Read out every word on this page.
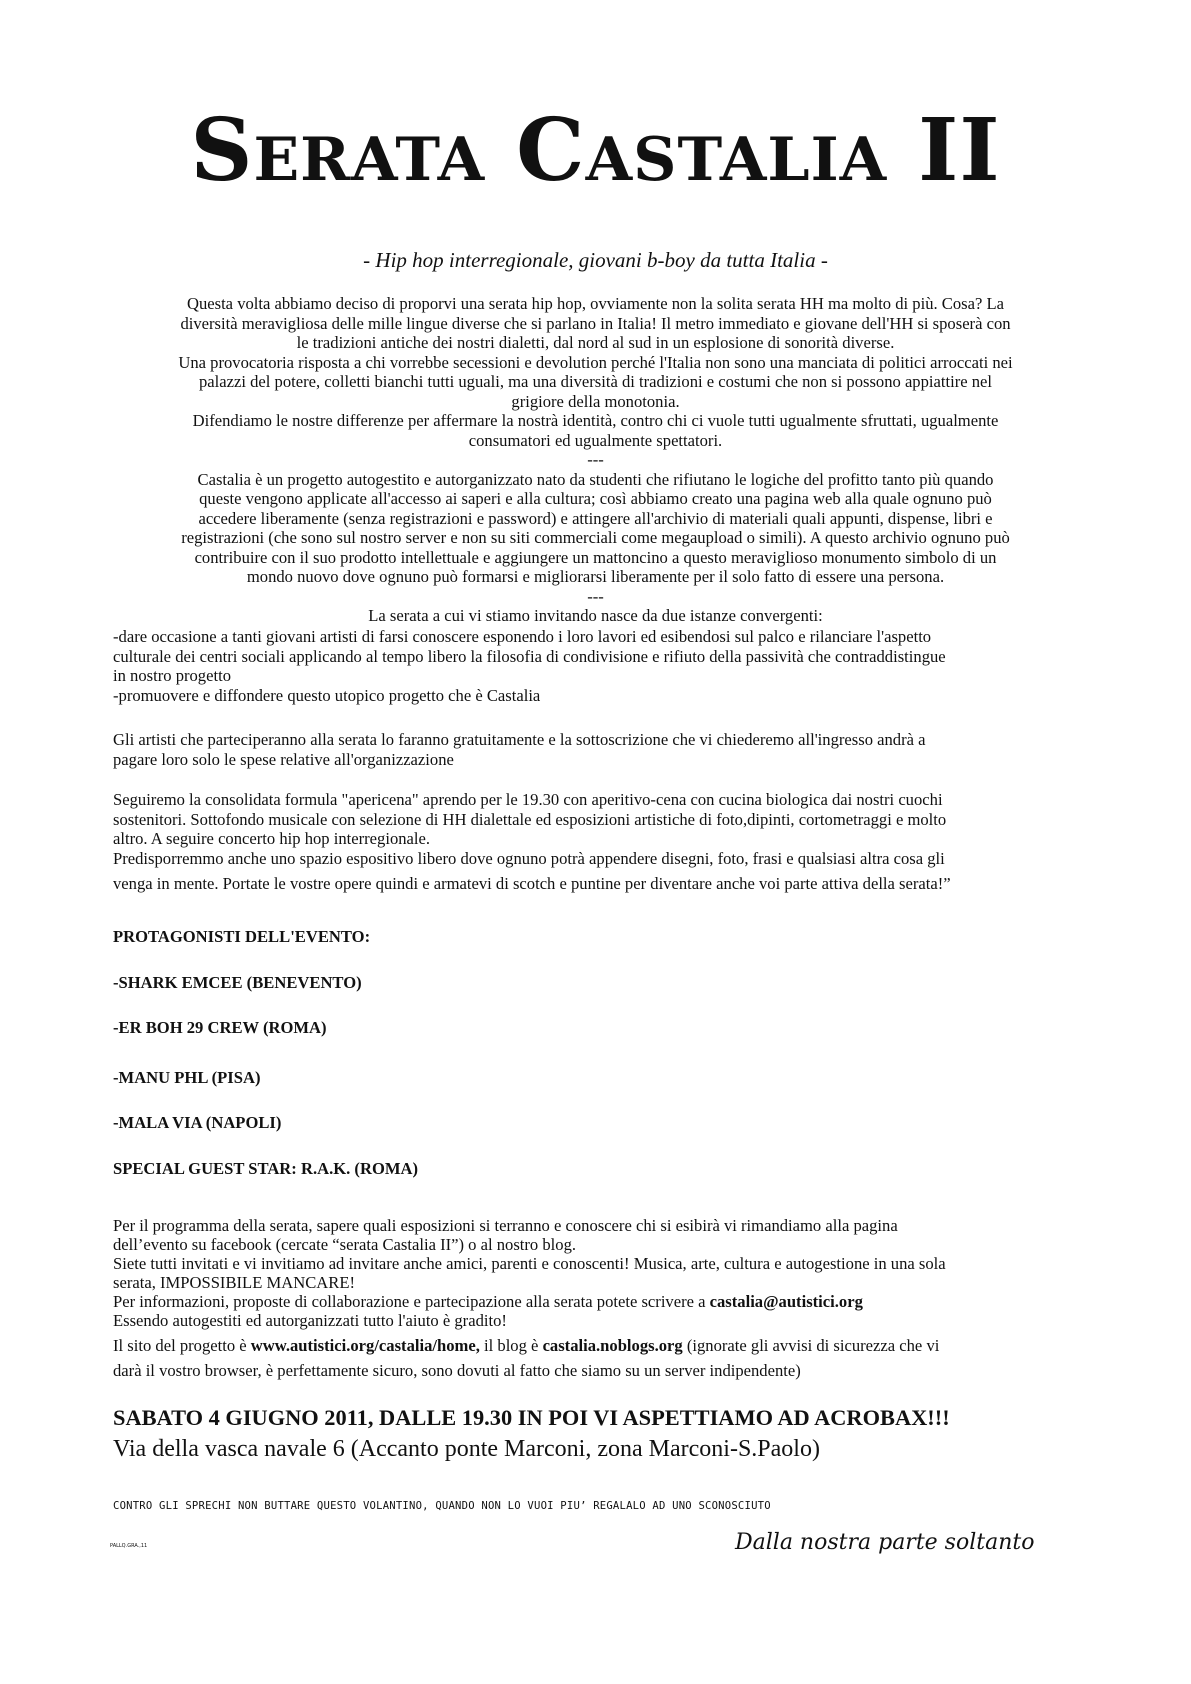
Serata Castalia II
- Hip hop interregionale, giovani b-boy da tutta Italia -
Questa volta abbiamo deciso di proporvi una serata hip hop, ovviamente non la solita serata HH ma molto di più. Cosa? La
diversità meravigliosa delle mille lingue diverse che si parlano in Italia! Il metro immediato e giovane dell'HH si sposerà con
le tradizioni antiche dei nostri dialetti, dal nord al sud in un esplosione di sonorità diverse.
Una provocatoria risposta a chi vorrebbe secessioni e devolution perché l'Italia non sono una manciata di politici arroccati nei
palazzi del potere, colletti bianchi tutti uguali, ma una diversità di tradizioni e costumi che non si possono appiattire nel
grigiore della monotonia.
Difendiamo le nostre differenze per affermare la nostrà identità, contro chi ci vuole tutti ugualmente sfruttati, ugualmente
consumatori ed ugualmente spettatori.
---
Castalia è un progetto autogestito e autorganizzato nato da studenti che rifiutano le logiche del profitto tanto più quando
queste vengono applicate all'accesso ai saperi e alla cultura; così abbiamo creato una pagina web alla quale ognuno può
accedere liberamente (senza registrazioni e password) e attingere all'archivio di materiali quali appunti, dispense, libri e
registrazioni (che sono sul nostro server e non su siti commerciali come megaupload o simili). A questo archivio ognuno può
contribuire con il suo prodotto intellettuale e aggiungere un mattoncino a questo meraviglioso monumento simbolo di un
mondo nuovo dove ognuno può formarsi e migliorarsi liberamente per il solo fatto di essere una persona.
---
La serata a cui vi stiamo invitando nasce da due istanze convergenti:
-dare occasione a tanti giovani artisti di farsi conoscere esponendo i loro lavori ed esibendosi sul palco e rilanciare l'aspetto
culturale dei centri sociali applicando al tempo libero la filosofia di condivisione e rifiuto della passività che contraddistingue
in nostro progetto
-promuovere e diffondere questo utopico progetto che è Castalia
Gli artisti che parteciperanno alla serata lo faranno gratuitamente e la sottoscrizione che vi chiederemo all'ingresso andrà a
pagare loro solo le spese relative all'organizzazione
Seguiremo la consolidata formula "apericena" aprendo per le 19.30 con aperitivo-cena con cucina biologica dai nostri cuochi
sostenitori. Sottofondo musicale con selezione di HH dialettale ed esposizioni artistiche di foto,dipinti, cortometraggi e molto
altro. A seguire concerto hip hop interregionale.
Predisporremmo anche uno spazio espositivo libero dove ognuno potrà appendere disegni, foto, frasi e qualsiasi altra cosa gli
venga in mente. Portate le vostre opere quindi e armatevi di scotch e puntine per diventare anche voi parte attiva della serata!”
PROTAGONISTI DELL'EVENTO:
-SHARK EMCEE (BENEVENTO)
-ER BOH 29 CREW (ROMA)
-MANU PHL (PISA)
-MALA VIA (NAPOLI)
SPECIAL GUEST STAR: R.A.K. (ROMA)
Per il programma della serata, sapere quali esposizioni si terranno e conoscere chi si esibirà vi rimandiamo alla pagina
dell’evento su facebook (cercate “serata Castalia II”) o al nostro blog.
Siete tutti invitati e vi invitiamo ad invitare anche amici, parenti e conoscenti! Musica, arte, cultura e autogestione in una sola
serata, IMPOSSIBILE MANCARE!
Per informazioni, proposte di collaborazione e partecipazione alla serata potete scrivere a castalia@autistici.org
Essendo autogestiti ed autorganizzati tutto l'aiuto è gradito!
Il sito del progetto è www.autistici.org/castalia/home, il blog è castalia.noblogs.org (ignorate gli avvisi di sicurezza che vi
darà il vostro browser, è perfettamente sicuro, sono dovuti al fatto che siamo su un server indipendente)
SABATO 4 GIUGNO 2011, DALLE 19.30 IN POI VI ASPETTIAMO AD ACROBAX!!!
Via della vasca navale 6 (Accanto ponte Marconi, zona Marconi-S.Paolo)
CONTRO GLI SPRECHI NON BUTTARE QUESTO VOLANTINO, QUANDO NON LO VUOI PIU’ REGALALO AD UNO SCONOSCIUTO
PALLQ.GRA.,11	Dalla nostra parte soltanto
